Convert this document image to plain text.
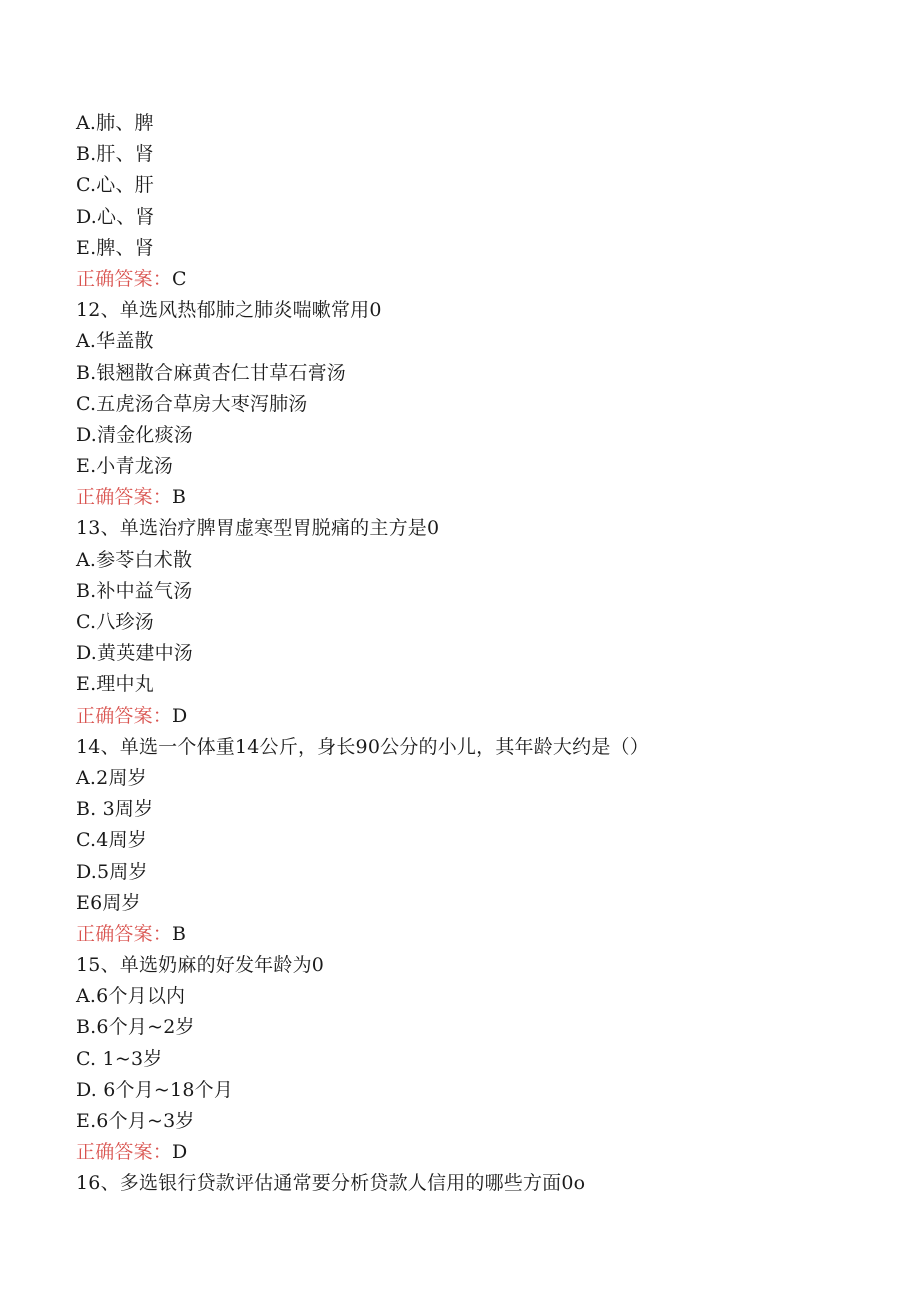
A.肺、脾
B.肝、肾
C.心、肝
D.心、肾
E.脾、肾
正确答案：C
12、单选风热郁肺之肺炎喘嗽常用0
A.华盖散
B.银翘散合麻黄杏仁甘草石膏汤
C.五虎汤合草房大枣泻肺汤
D.清金化痰汤
E.小青龙汤
正确答案：B
13、单选治疗脾胃虚寒型胃脱痛的主方是0
A.参苓白术散
B.补中益气汤
C.八珍汤
D.黄英建中汤
E.理中丸
正确答案：D
14、单选一个体重14公斤，身长90公分的小儿，其年龄大约是（）
A.2周岁
B. 3周岁
C.4周岁
D.5周岁
E6周岁
正确答案：B
15、单选奶麻的好发年龄为0
A.6个月以内
B.6个月~2岁
C. 1~3岁
D. 6个月~18个月
E.6个月~3岁
正确答案：D
16、多选银行贷款评估通常要分析贷款人信用的哪些方面0o
